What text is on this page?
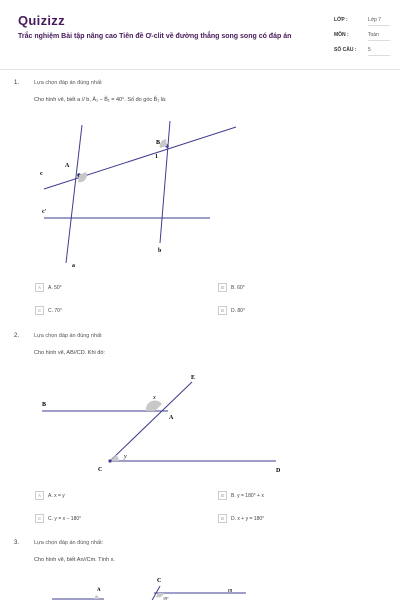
Quizizz
Trắc nghiệm Bài tập nâng cao Tiên đề Ơ-clit về đường thẳng song song có đáp án
LỚP :	Lớp 7
MÔN :	Toán
SỐ CÂU : 5
1.	Lựa chọn đáp án đúng nhất
Cho hình vẽ, biết a // b, Â₁ − B̂₁ = 40°. Số đo góc B̂₁ là:
B
A
c
c'
a
b
1
1
A	A. 50°	B	B. 60°
C	C. 70°	D	D. 80°
2.	Lựa chọn đáp án đúng nhất
Cho hình vẽ, AB//CD. Khi đó:
E
B
x
A
y
C	D
A	A. x = y	B	B. y = 180° + x
C	C. y = x − 180°	D	D. x + y = 180°
3.	Lựa chọn đáp án đúng nhất:
Cho hình vẽ, biết An//Cm. Tính x.
C
m
A
19°
